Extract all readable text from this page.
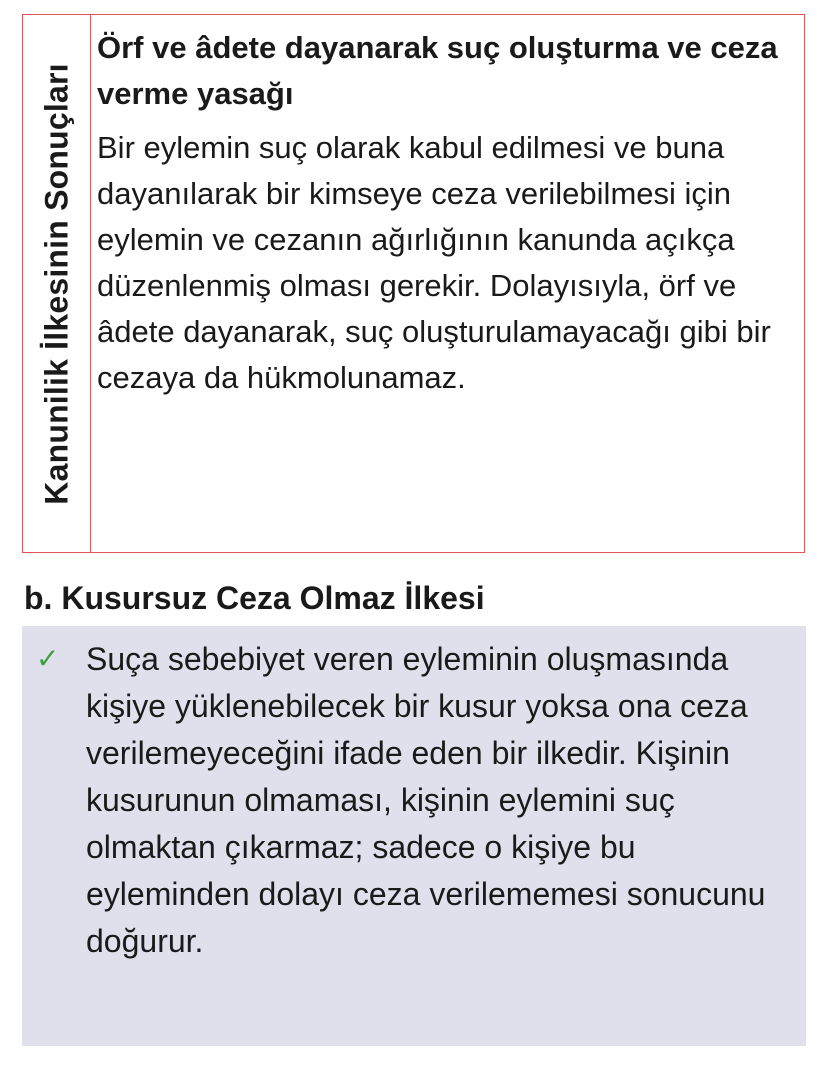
Kanunilik İlkesinin Sonuçları
Örf ve âdete dayanarak suç oluşturma ve ceza verme yasağı

Bir eylemin suç olarak kabul edilmesi ve buna dayanılarak bir kimseye ceza verilebilmesi için eylemin ve cezanın ağırlığının kanunda açıkça düzenlenmiş olması gerekir. Dolayısıyla, örf ve âdete dayanarak, suç oluşturulamayacağı gibi bir cezaya da hükmolunamaz.

b. Kusursuz Ceza Olmaz İlkesi
✓ Suça sebebiyet veren eyleminin oluşmasında kişiye yüklenebilecek bir kusur yoksa ona ceza verilemeyeceğini ifade eden bir ilkedir. Kişinin kusurunun olmaması, kişinin eylemini suç olmaktan çıkarmaz; sadece o kişiye bu eyleminden dolayı ceza verilememesi sonucunu doğurur.
